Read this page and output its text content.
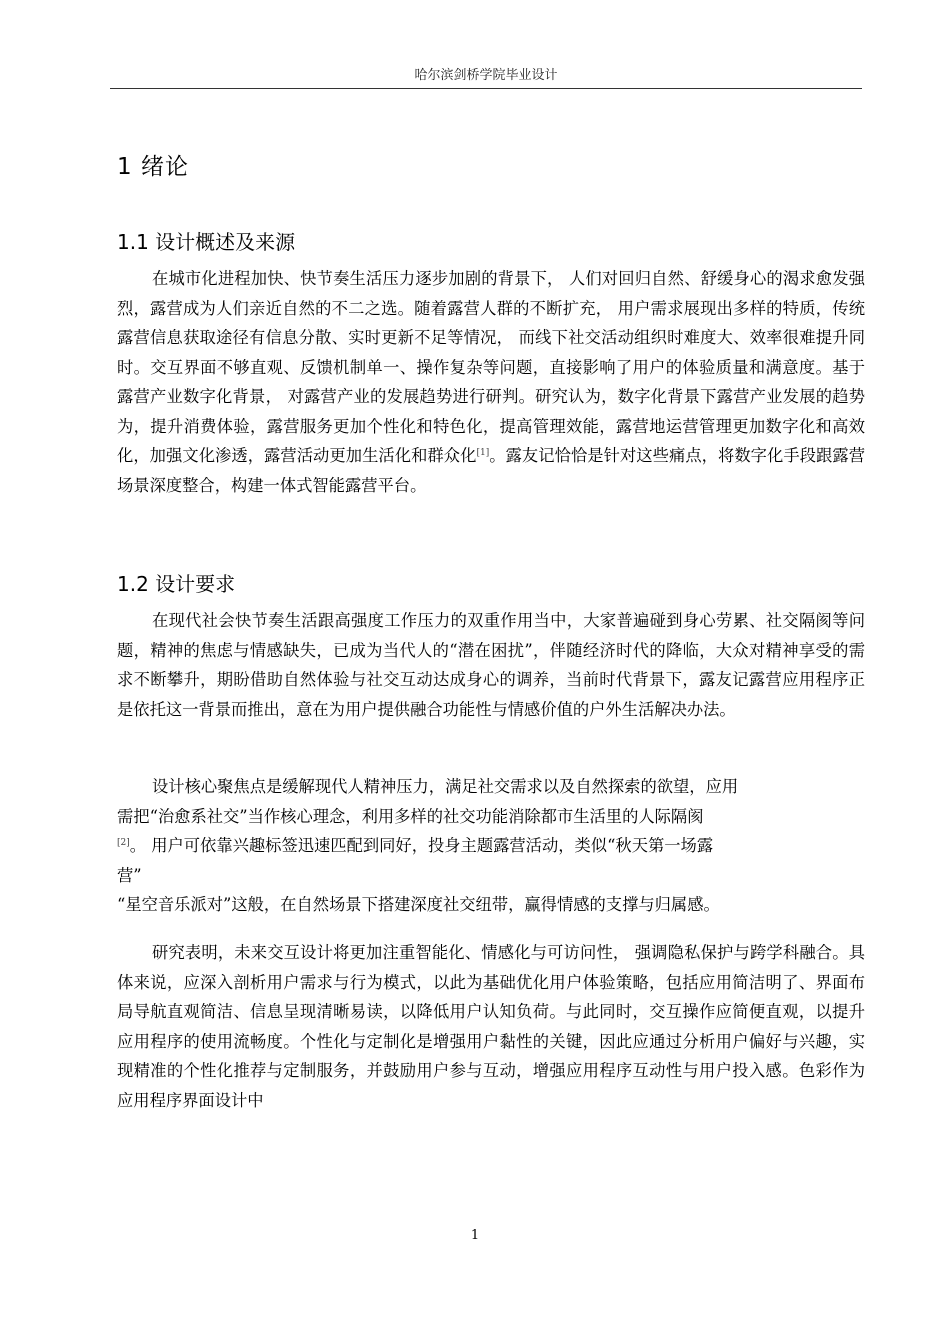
哈尔滨剑桥学院毕业设计
1 绪论
1.1 设计概述及来源
在城市化进程加快、快节奏生活压力逐步加剧的背景下， 人们对回归自然、舒缓身心的渴求愈发强烈，露营成为人们亲近自然的不二之选。随着露营人群的不断扩充， 用户需求展现出多样的特质，传统露营信息获取途径有信息分散、实时更新不足等情况， 而线下社交活动组织时难度大、效率很难提升同时。交互界面不够直观、反馈机制单一、操作复杂等问题，直接影响了用户的体验质量和满意度。基于露营产业数字化背景， 对露营产业的发展趋势进行研判。研究认为，数字化背景下露营产业发展的趋势为，提升消费体验，露营服务更加个性化和特色化，提高管理效能，露营地运营管理更加数字化和高效化，加强文化渗透，露营活动更加生活化和群众化[1]。露友记恰恰是针对这些痛点，将数字化手段跟露营场景深度整合，构建一体式智能露营平台。
1.2 设计要求
在现代社会快节奏生活跟高强度工作压力的双重作用当中，大家普遍碰到身心劳累、社交隔阂等问题，精神的焦虑与情感缺失，已成为当代人的“潜在困扰”，伴随经济时代的降临，大众对精神享受的需求不断攀升，期盼借助自然体验与社交互动达成身心的调养，当前时代背景下，露友记露营应用程序正是依托这一背景而推出，意在为用户提供融合功能性与情感价值的户外生活解决办法。
设计核心聚焦点是缓解现代人精神压力，满足社交需求以及自然探索的欲望，应用
需把“治愈系社交”当作核心理念，利用多样的社交功能消除都市生活里的人际隔阂
[2]。 用户可依靠兴趣标签迅速匹配到同好，投身主题露营活动，类似“秋天第一场露
营”
“星空音乐派对”这般，在自然场景下搭建深度社交纽带，赢得情感的支撑与归属感。
研究表明，未来交互设计将更加注重智能化、情感化与可访问性， 强调隐私保护与跨学科融合。具体来说，应深入剖析用户需求与行为模式，以此为基础优化用户体验策略，包括应用简洁明了、界面布局导航直观简洁、信息呈现清晰易读，以降低用户认知负荷。与此同时，交互操作应简便直观，以提升应用程序的使用流畅度。个性化与定制化是增强用户黏性的关键，因此应通过分析用户偏好与兴趣，实现精准的个性化推荐与定制服务，并鼓励用户参与互动，增强应用程序互动性与用户投入感。色彩作为应用程序界面设计中
1
